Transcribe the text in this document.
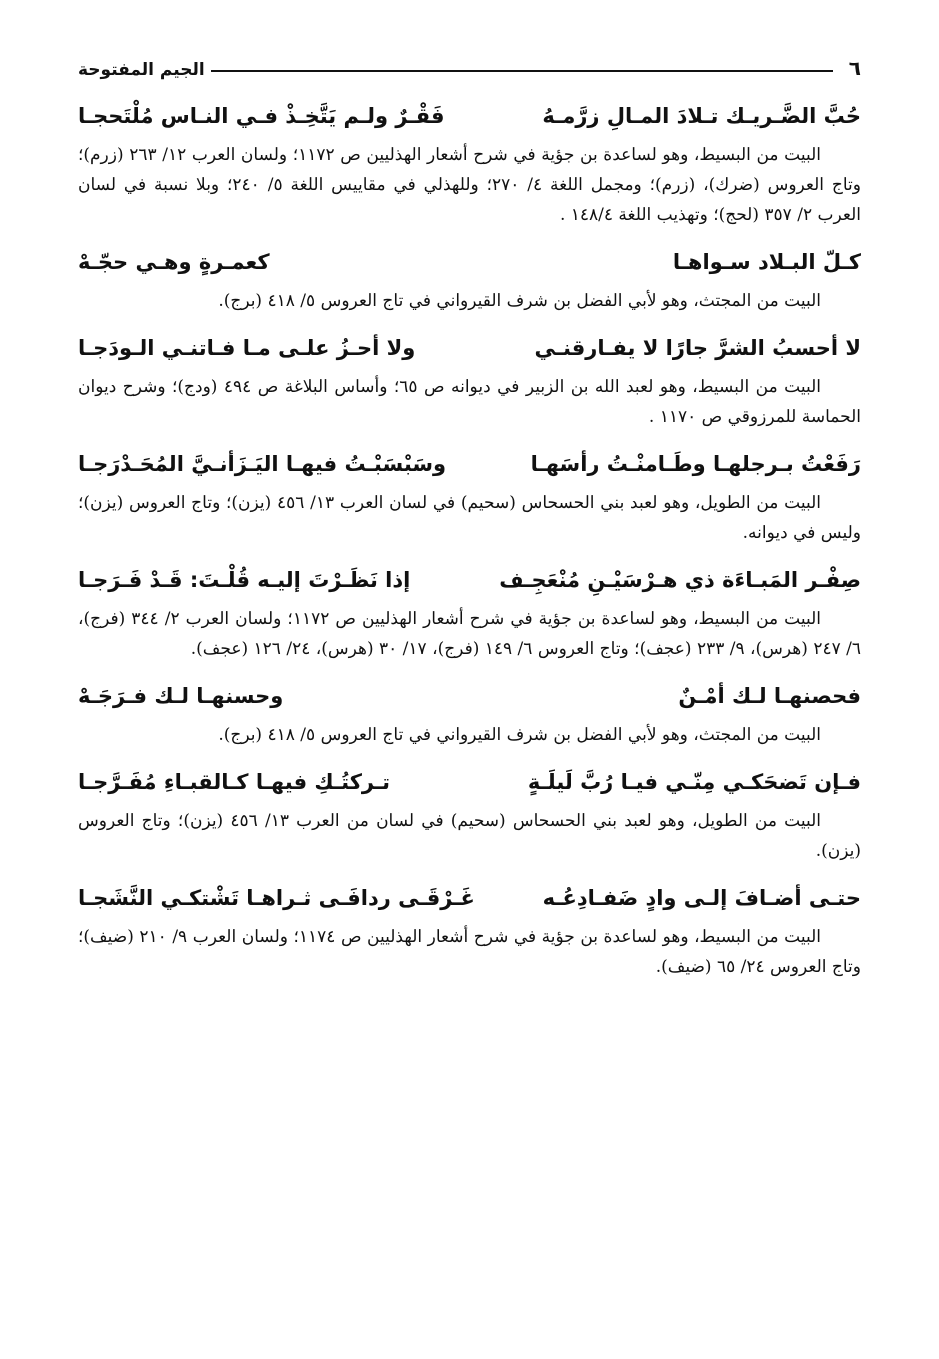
٦
الجيم المفتوحة
حُبَّ الضَّـريـك تـلادَ المـالِ زرَّمـهُ
فَقْـرٌ ولـم يَتَّخِـذْ فـي النـاس مُلْتَحجـا

البيت من البسيط، وهو لساعدة بن جؤية في شرح أشعار الهذليين ص ١١٧٢؛ ولسان العرب ١٢/ ٢٦٣ (زرم)؛ وتاج العروس (ضرك)، (زرم)؛ ومجمل اللغة ٤/ ٢٧٠؛ وللهذلي في مقاييس اللغة ٥/ ٢٤٠؛ وبلا نسبة في لسان العرب ٢/ ٣٥٧ (لحج)؛ وتهذيب اللغة ١٤٨/٤ .

كـلّ البـلاد سـواهـا
كعمـرةٍ وهـي حجّـهْ

البيت من المجتث، وهو لأبي الفضل بن شرف القيرواني في تاج العروس ٥/ ٤١٨ (برج).

لا أحسبُ الشرَّ جارًا لا يفـارقنـي
ولا أحـزُ علـى مـا فـاتنـي الـودَجـا

البيت من البسيط، وهو لعبد الله بن الزبير في ديوانه ص ٦٥؛ وأساس البلاغة ص ٤٩٤ (ودج)؛ وشرح ديوان الحماسة للمرزوقي ص ١١٧٠ .

رَفَعْتُ بـرجلهـا وطَـامنْـتُ رأسَهـا
وسَبْسَبْـتُ فيهـا اليَـزَأنـيَّ المُحَـدْرَجـا

البيت من الطويل، وهو لعبد بني الحسحاس (سحيم) في لسان العرب ١٣/ ٤٥٦ (يزن)؛ وتاج العروس (يزن)؛ وليس في ديوانه.

صِفْـر المَبـاءَة ذي هـرْسَيْـنِ مُنْعَجِـف
إذا نَظَـرْتَ إليـه قُلْـتَ: قَـدْ فَـرَجـا

البيت من البسيط، وهو لساعدة بن جؤية في شرح أشعار الهذليين ص ١١٧٢؛ ولسان العرب ٢/ ٣٤٤ (فرج)، ٦/ ٢٤٧ (هرس)، ٩/ ٢٣٣ (عجف)؛ وتاج العروس ٦/ ١٤٩ (فرج)، ١٧/ ٣٠ (هرس)، ٢٤/ ١٢٦ (عجف).

فحصنهـا لـك أمْـنٌ
وحسنهـا لـك فـرَجَـهْ

البيت من المجتث، وهو لأبي الفضل بن شرف القيرواني في تاج العروس ٥/ ٤١٨ (برج).

فـإن تَضحَكـي مِنّـي فيـا رُبَّ لَيلَـةٍ
تـركتُـكِ فيهـا كـالقبـاءِ مُفَـرَّجـا

البيت من الطويل، وهو لعبد بني الحسحاس (سحيم) في لسان من العرب ١٣/ ٤٥٦ (يزن)؛ وتاج العروس (يزن).

حتـى أضـافَ إلـى وادٍ ضَفـادِعُـه
غَـرْقَـى ردافَـى ثـراهـا تَشْتكـي النَّشَجـا

البيت من البسيط، وهو لساعدة بن جؤية في شرح أشعار الهذليين ص ١١٧٤؛ ولسان العرب ٩/ ٢١٠ (ضيف)؛ وتاج العروس ٢٤/ ٦٥ (ضيف).
